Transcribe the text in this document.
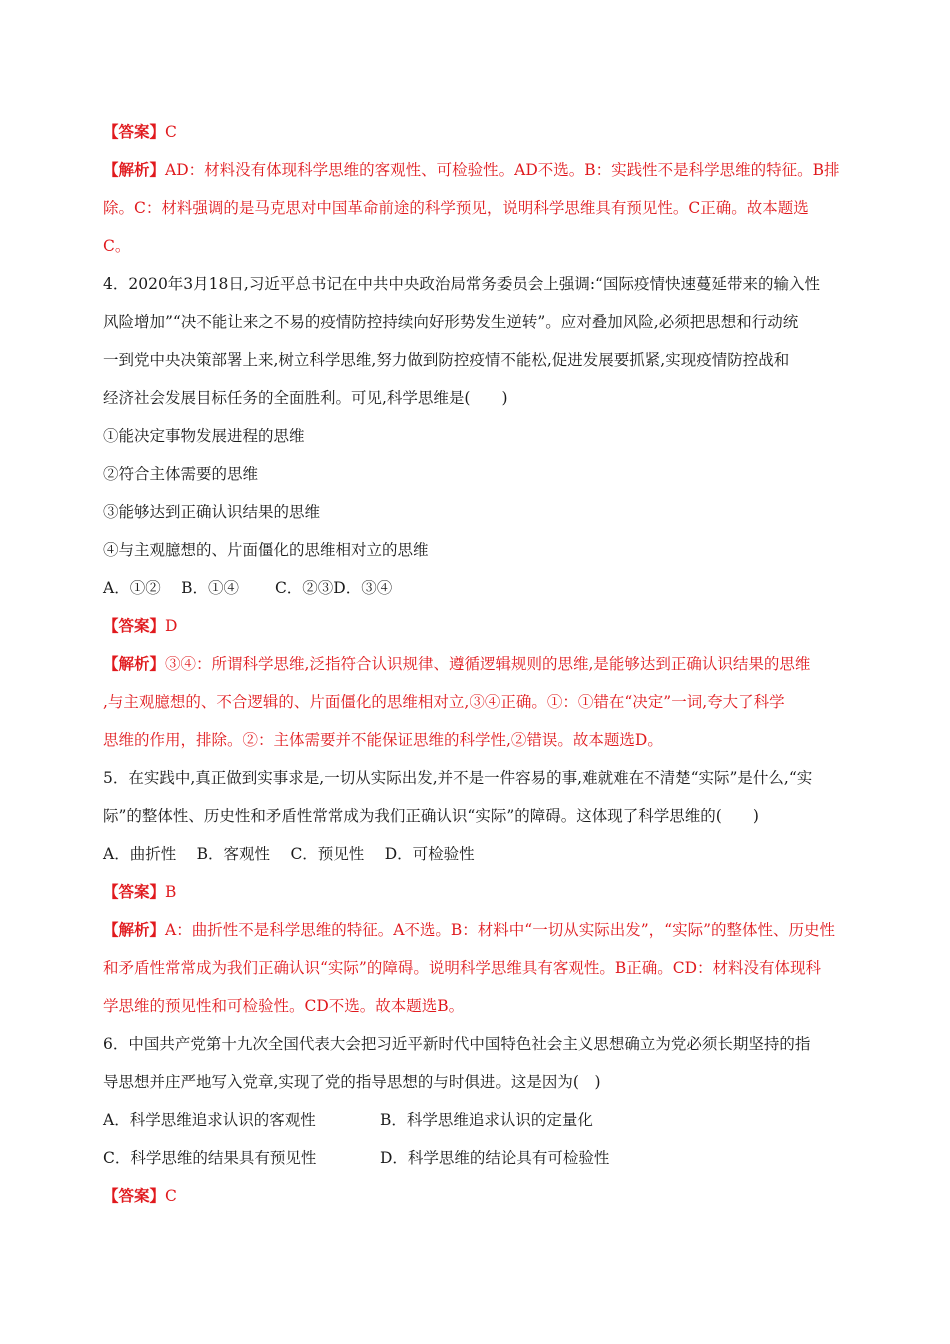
【答案】C
【解析】AD：材料没有体现科学思维的客观性、可检验性。AD不选。B：实践性不是科学思维的特征。B排
除。C：材料强调的是马克思对中国革命前途的科学预见，说明科学思维具有预见性。C正确。故本题选
C。
4．2020年3月18日,习近平总书记在中共中央政治局常务委员会上强调:“国际疫情快速蔓延带来的输入性
风险增加”“决不能让来之不易的疫情防控持续向好形势发生逆转”。应对叠加风险,必须把思想和行动统
一到党中央决策部署上来,树立科学思维,努力做到防控疫情不能松,促进发展要抓紧,实现疫情防控战和
经济社会发展目标任务的全面胜利。可见,科学思维是(　　)
①能决定事物发展进程的思维
②符合主体需要的思维
③能够达到正确认识结果的思维
④与主观臆想的、片面僵化的思维相对立的思维
A．①②　 B．①④　　 C．②③D．③④
【答案】D
【解析】③④：所谓科学思维,泛指符合认识规律、遵循逻辑规则的思维,是能够达到正确认识结果的思维
,与主观臆想的、不合逻辑的、片面僵化的思维相对立,③④正确。①：①错在“决定”一词,夸大了科学
思维的作用，排除。②：主体需要并不能保证思维的科学性,②错误。故本题选D。
5．在实践中,真正做到实事求是,一切从实际出发,并不是一件容易的事,难就难在不清楚“实际”是什么,“实
际”的整体性、历史性和矛盾性常常成为我们正确认识“实际”的障碍。这体现了科学思维的(　　)
A．曲折性　 B．客观性　 C．预见性　 D．可检验性
【答案】B
【解析】A：曲折性不是科学思维的特征。A不选。B：材料中“一切从实际出发”，“实际”的整体性、历史性
和矛盾性常常成为我们正确认识“实际”的障碍。说明科学思维具有客观性。B正确。CD：材料没有体现科
学思维的预见性和可检验性。CD不选。故本题选B。
6．中国共产党第十九次全国代表大会把习近平新时代中国特色社会主义思想确立为党必须长期坚持的指
导思想并庄严地写入党章,实现了党的指导思想的与时俱进。这是因为(　)
A．科学思维追求认识的客观性	B．科学思维追求认识的定量化
C．科学思维的结果具有预见性	D．科学思维的结论具有可检验性
【答案】C
